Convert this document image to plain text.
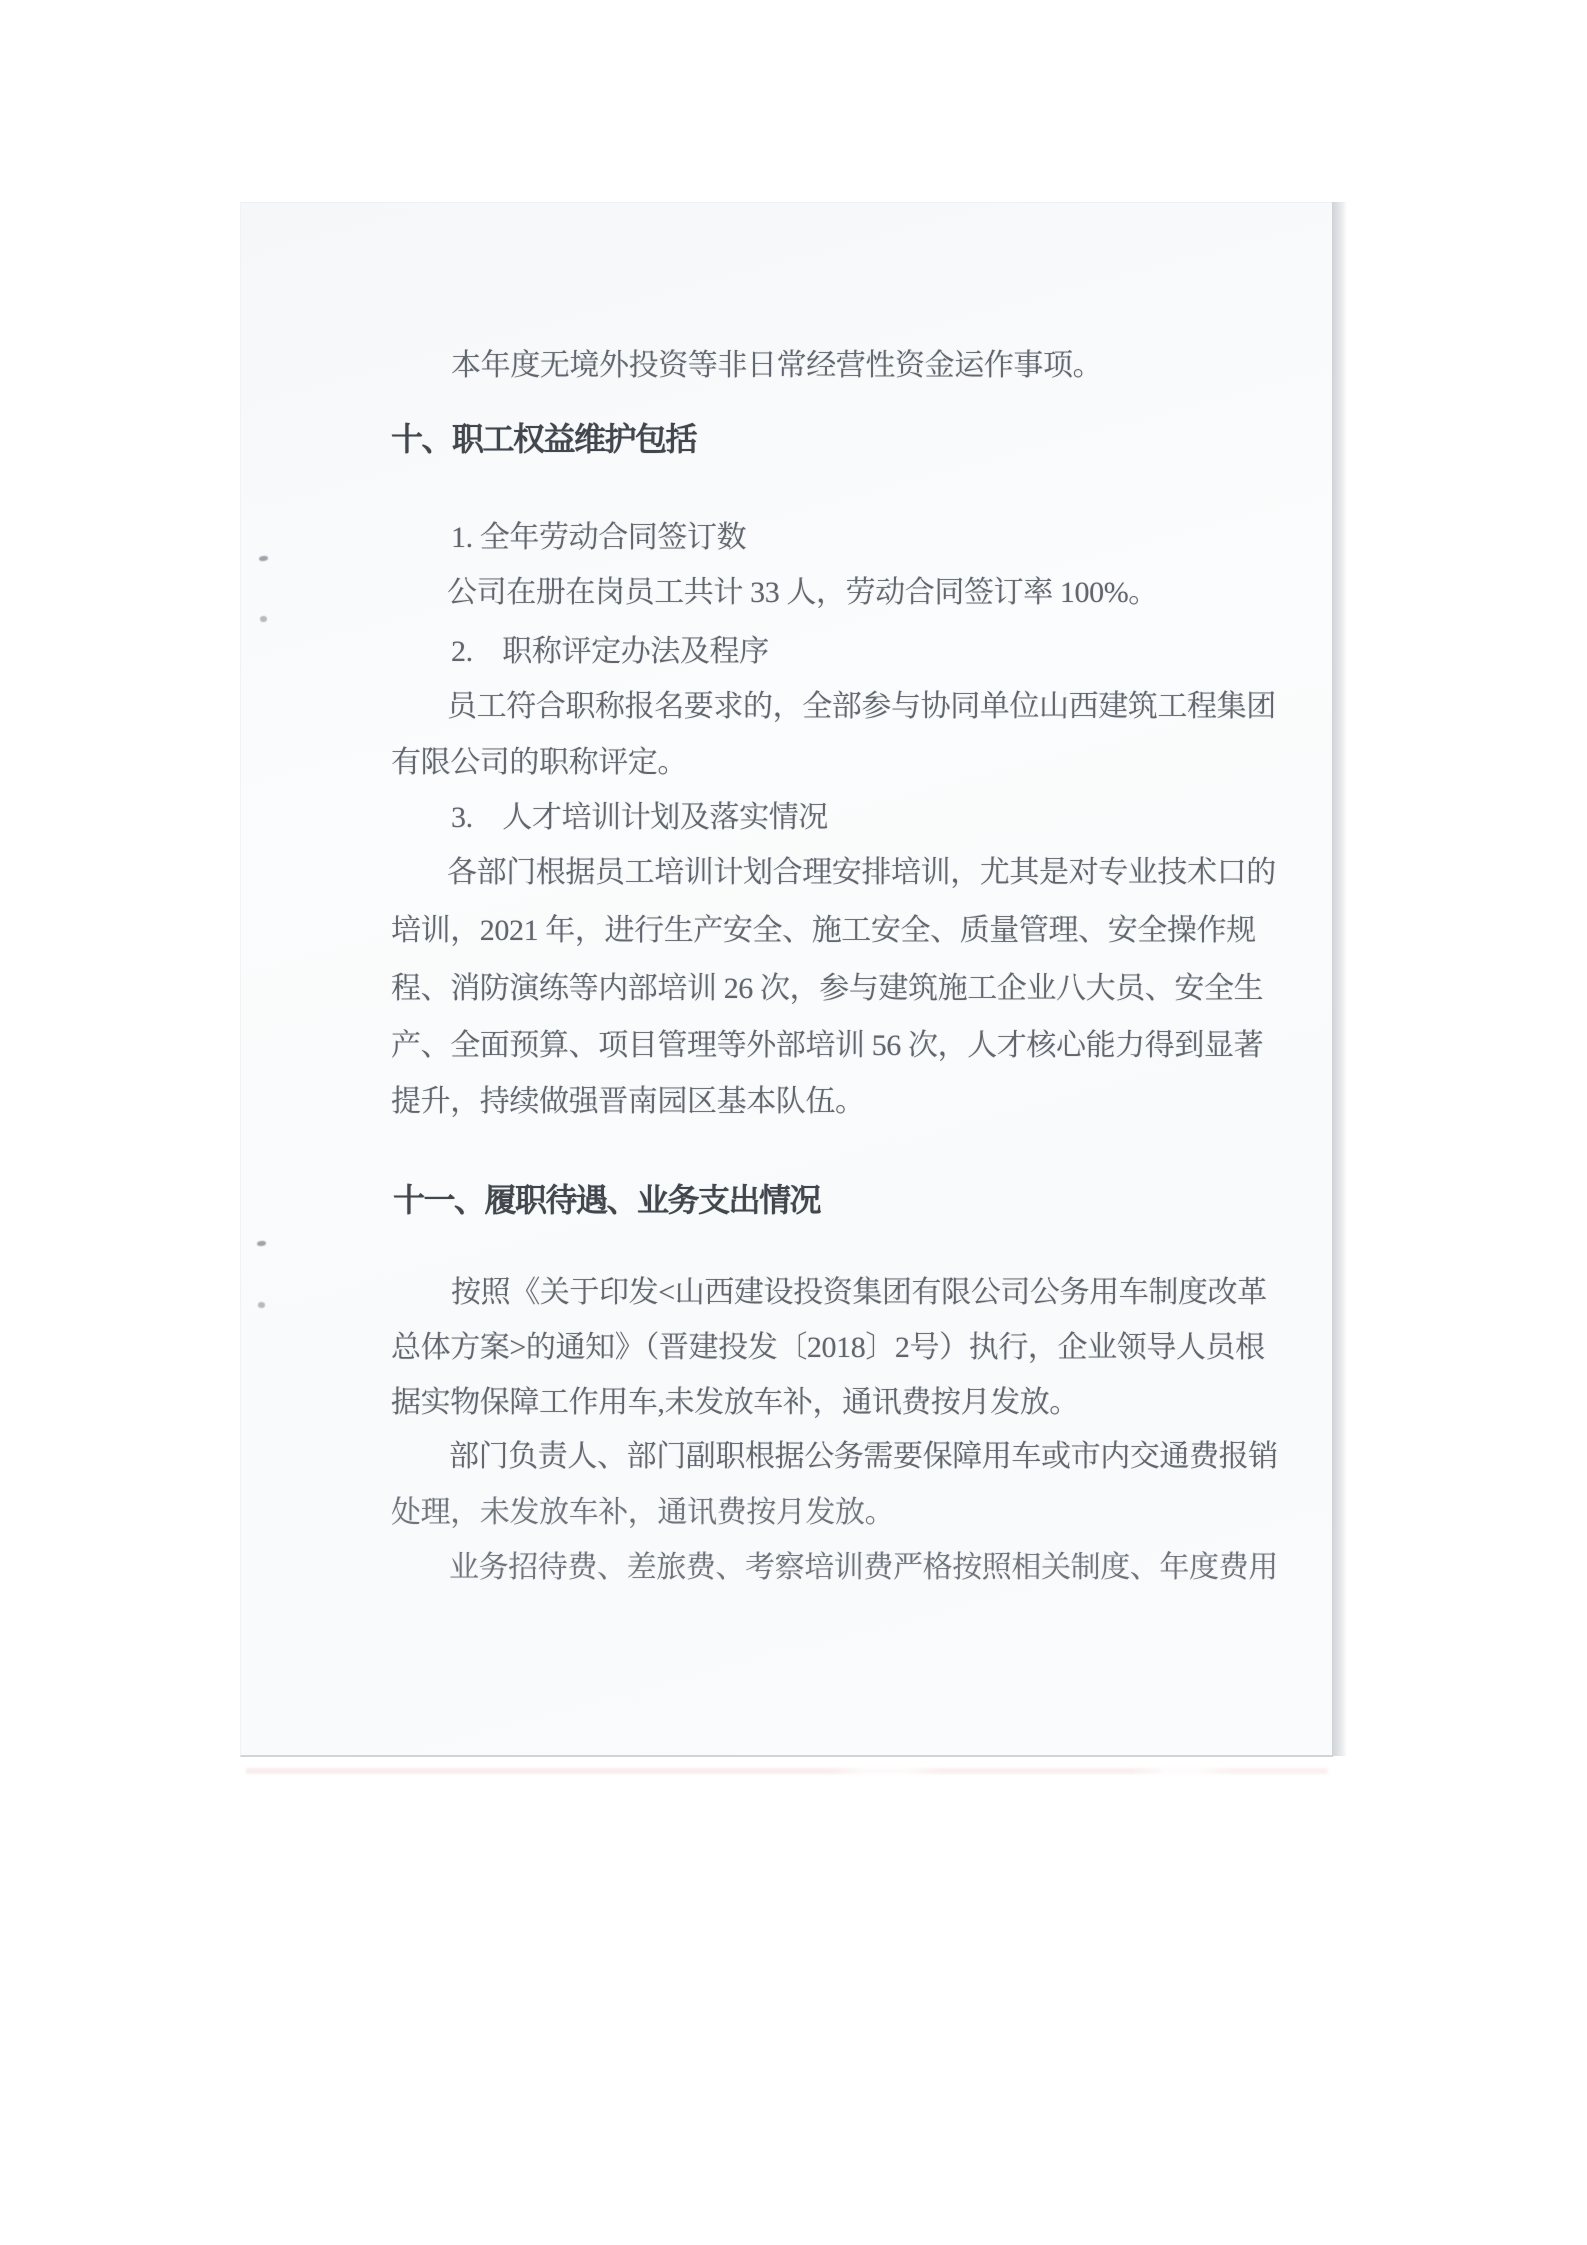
本年度无境外投资等非日常经营性资金运作事项。
十、职工权益维护包括
1. 全年劳动合同签订数
公司在册在岗员工共计 33 人，劳动合同签订率 100%。
2.　职称评定办法及程序
员工符合职称报名要求的，全部参与协同单位山西建筑工程集团
有限公司的职称评定。
3.　人才培训计划及落实情况
各部门根据员工培训计划合理安排培训，尤其是对专业技术口的
培训，2021 年，进行生产安全、施工安全、质量管理、安全操作规
程、消防演练等内部培训 26 次，参与建筑施工企业八大员、安全生
产、全面预算、项目管理等外部培训 56 次，人才核心能力得到显著
提升，持续做强晋南园区基本队伍。
十一、履职待遇、业务支出情况
按照《关于印发<山西建设投资集团有限公司公务用车制度改革
总体方案>的通知》（晋建投发〔2018〕2号）执行，企业领导人员根
据实物保障工作用车,未发放车补，通讯费按月发放。
部门负责人、部门副职根据公务需要保障用车或市内交通费报销
处理，未发放车补，通讯费按月发放。
业务招待费、差旅费、考察培训费严格按照相关制度、年度费用
